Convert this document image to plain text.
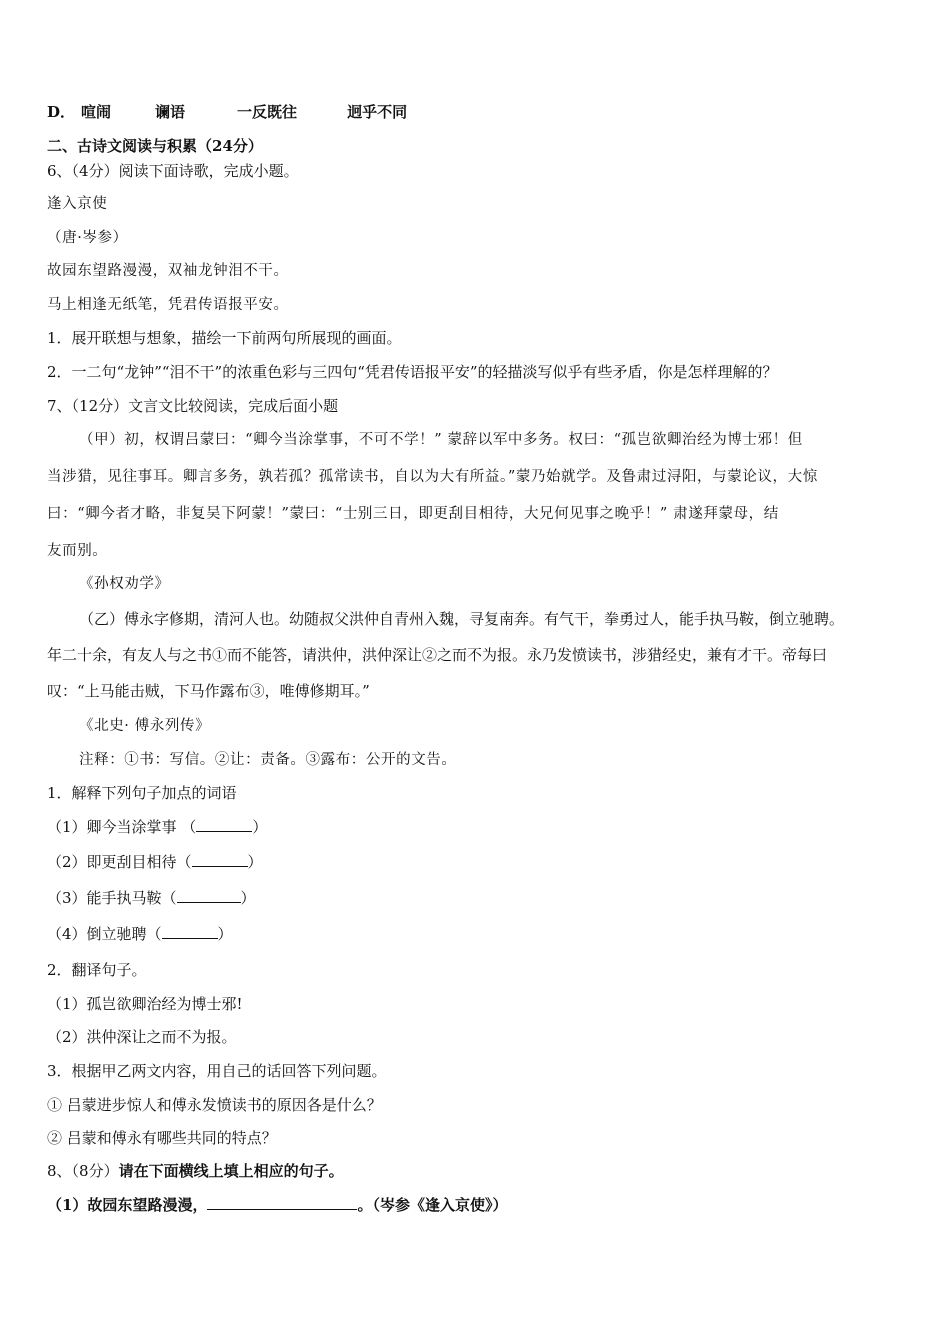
D． 喧闹	谰语	一反既往	迥乎不同
二、古诗文阅读与积累（24分）
6、（4分）阅读下面诗歌，完成小题。
逢入京使
（唐·岑参）
故园东望路漫漫，双袖龙钟泪不干。
马上相逢无纸笔，凭君传语报平安。
1．展开联想与想象，描绘一下前两句所展现的画面。
2．一二句“龙钟”“泪不干”的浓重色彩与三四句“凭君传语报平安”的轻描淡写似乎有些矛盾，你是怎样理解的？
7、（12分）文言文比较阅读，完成后面小题
（甲）初，权谓吕蒙曰：“卿今当涂掌事，不可不学！” 蒙辞以军中多务。权曰：“孤岂欲卿治经为博士邪！但
当涉猎，见往事耳。卿言多务，孰若孤？孤常读书，自以为大有所益。”蒙乃始就学。及鲁肃过浔阳，与蒙论议，大惊
曰：“卿今者才略，非复吴下阿蒙！”蒙曰：“士别三日，即更刮目相待，大兄何见事之晚乎！” 肃遂拜蒙母，结
友而别。
《孙权劝学》
（乙）傅永字修期，清河人也。幼随叔父洪仲自青州入魏，寻复南奔。有气干，拳勇过人，能手执马鞍，倒立驰聘。
年二十余，有友人与之书①而不能答，请洪仲，洪仲深让②之而不为报。永乃发愤读书，涉猎经史，兼有才干。帝每曰
叹：“上马能击贼，下马作露布③，唯傅修期耳。”
《北史· 傅永列传》
注释：①书：写信。②让：责备。③露布：公开的文告。
1．解释下列句子加点的词语
（1）卿今当涂掌事 （	）
（2）即更刮目相待（	）
（3）能手执马鞍（	）
（4）倒立驰聘（	）
2．翻译句子。
（1）孤岂欲卿治经为博士邪!
（2）洪仲深让之而不为报。
3．根据甲乙两文内容，用自己的话回答下列问题。
① 吕蒙进步惊人和傅永发愤读书的原因各是什么？
② 吕蒙和傅永有哪些共同的特点？
8、（8分）请在下面横线上填上相应的句子。
（1）故园东望路漫漫，	。（岑参《逢入京使》）
